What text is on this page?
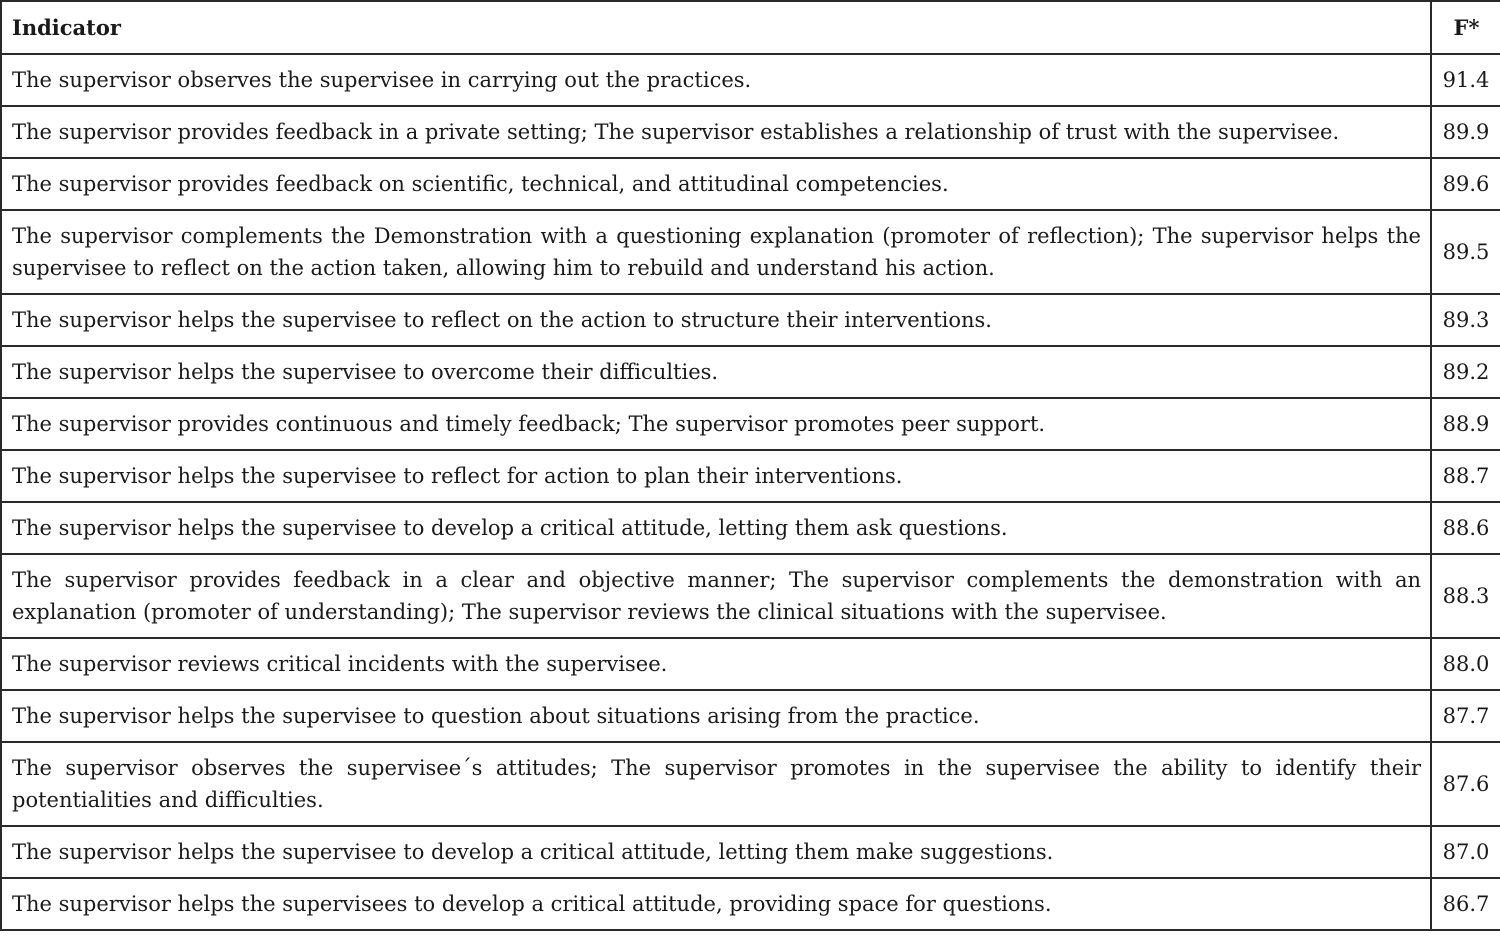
Indicator	F*
The supervisor observes the supervisee in carrying out the practices.	91.4
The supervisor provides feedback in a private setting; The supervisor establishes a relationship of trust with the supervisee.	89.9
The supervisor provides feedback on scientific, technical, and attitudinal competencies.	89.6
The supervisor complements the Demonstration with a questioning explanation (promoter of reflection); The supervisor helps the supervisee to reflect on the action taken, allowing him to rebuild and understand his action.	89.5
The supervisor helps the supervisee to reflect on the action to structure their interventions.	89.3
The supervisor helps the supervisee to overcome their difficulties.	89.2
The supervisor provides continuous and timely feedback; The supervisor promotes peer support.	88.9
The supervisor helps the supervisee to reflect for action to plan their interventions.	88.7
The supervisor helps the supervisee to develop a critical attitude, letting them ask questions.	88.6
The supervisor provides feedback in a clear and objective manner; The supervisor complements the demonstration with an explanation (promoter of understanding); The supervisor reviews the clinical situations with the supervisee.	88.3
The supervisor reviews critical incidents with the supervisee.	88.0
The supervisor helps the supervisee to question about situations arising from the practice.	87.7
The supervisor observes the supervisee´s attitudes; The supervisor promotes in the supervisee the ability to identify their potentialities and difficulties.	87.6
The supervisor helps the supervisee to develop a critical attitude, letting them make suggestions.	87.0
The supervisor helps the supervisees to develop a critical attitude, providing space for questions.	86.7
